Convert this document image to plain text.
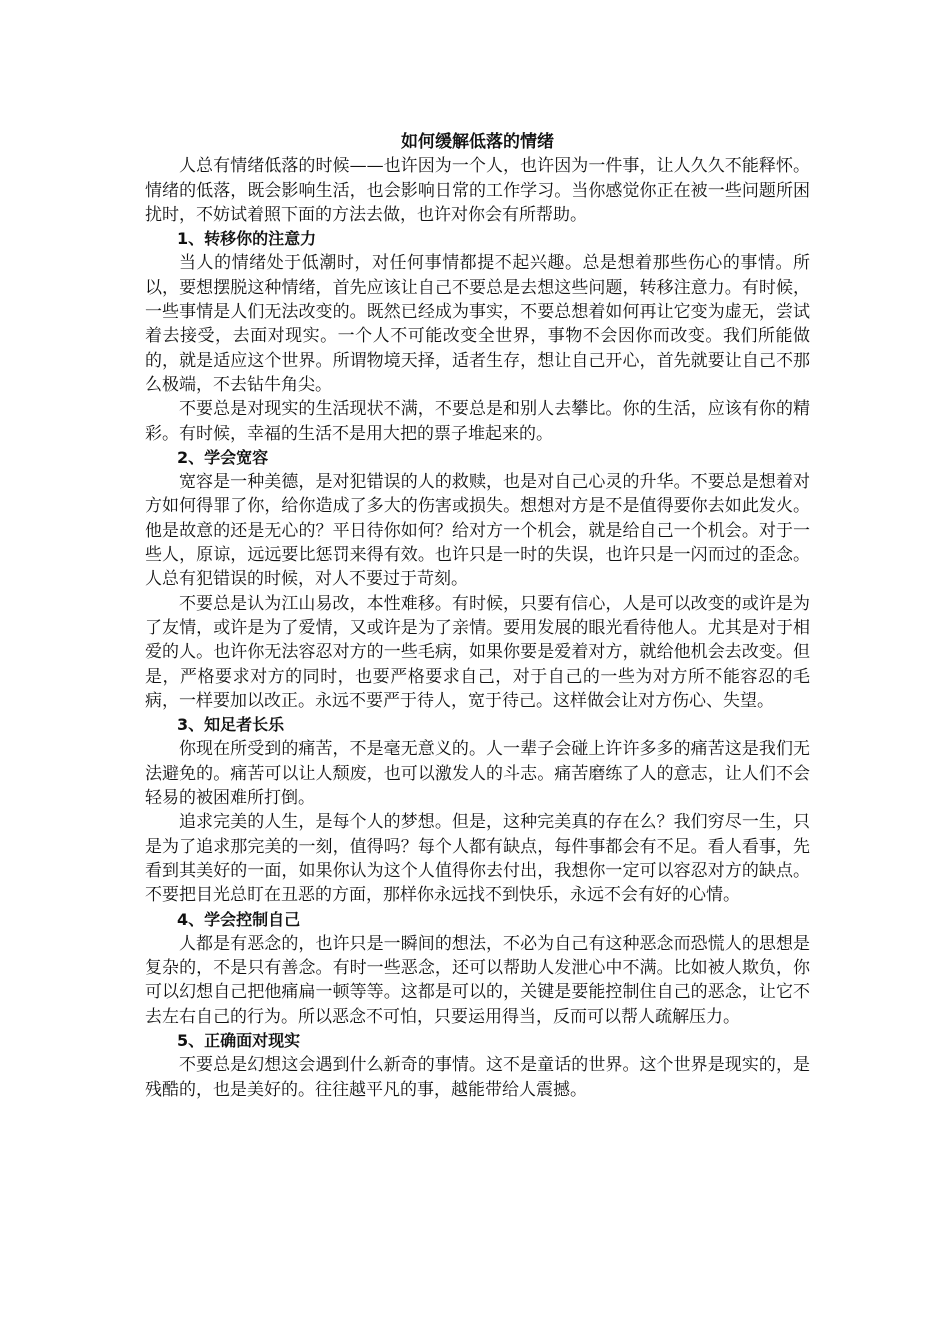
如何缓解低落的情绪

人总有情绪低落的时候——也许因为一个人，也许因为一件事，让人久久不能释怀。情绪的低落，既会影响生活，也会影响日常的工作学习。当你感觉你正在被一些问题所困扰时，不妨试着照下面的方法去做，也许对你会有所帮助。

1、转移你的注意力

当人的情绪处于低潮时，对任何事情都提不起兴趣。总是想着那些伤心的事情。所以，要想摆脱这种情绪，首先应该让自己不要总是去想这些问题，转移注意力。有时候，一些事情是人们无法改变的。既然已经成为事实，不要总想着如何再让它变为虚无，尝试着去接受，去面对现实。一个人不可能改变全世界，事物不会因你而改变。我们所能做的，就是适应这个世界。所谓物境天择，适者生存，想让自己开心，首先就要让自己不那么极端，不去钻牛角尖。

不要总是对现实的生活现状不满，不要总是和别人去攀比。你的生活，应该有你的精彩。有时候，幸福的生活不是用大把的票子堆起来的。

2、学会宽容

宽容是一种美德，是对犯错误的人的救赎，也是对自己心灵的升华。不要总是想着对方如何得罪了你，给你造成了多大的伤害或损失。想想对方是不是值得要你去如此发火。他是故意的还是无心的？平日待你如何？给对方一个机会，就是给自己一个机会。对于一些人，原谅，远远要比惩罚来得有效。也许只是一时的失误，也许只是一闪而过的歪念。人总有犯错误的时候，对人不要过于苛刻。

不要总是认为江山易改，本性难移。有时候，只要有信心，人是可以改变的或许是为了友情，或许是为了爱情，又或许是为了亲情。要用发展的眼光看待他人。尤其是对于相爱的人。也许你无法容忍对方的一些毛病，如果你要是爱着对方，就给他机会去改变。但是，严格要求对方的同时，也要严格要求自己，对于自己的一些为对方所不能容忍的毛病，一样要加以改正。永远不要严于待人，宽于待己。这样做会让对方伤心、失望。

3、知足者长乐

你现在所受到的痛苦，不是毫无意义的。人一辈子会碰上许许多多的痛苦这是我们无法避免的。痛苦可以让人颓废，也可以激发人的斗志。痛苦磨练了人的意志，让人们不会轻易的被困难所打倒。

追求完美的人生，是每个人的梦想。但是，这种完美真的存在么？我们穷尽一生，只是为了追求那完美的一刻，值得吗？每个人都有缺点，每件事都会有不足。看人看事，先看到其美好的一面，如果你认为这个人值得你去付出，我想你一定可以容忍对方的缺点。不要把目光总盯在丑恶的方面，那样你永远找不到快乐，永远不会有好的心情。

4、学会控制自己

人都是有恶念的，也许只是一瞬间的想法，不必为自己有这种恶念而恐慌人的思想是复杂的，不是只有善念。有时一些恶念，还可以帮助人发泄心中不满。比如被人欺负，你可以幻想自己把他痛扁一顿等等。这都是可以的，关键是要能控制住自己的恶念，让它不去左右自己的行为。所以恶念不可怕，只要运用得当，反而可以帮人疏解压力。

5、正确面对现实

不要总是幻想这会遇到什么新奇的事情。这不是童话的世界。这个世界是现实的，是残酷的，也是美好的。往往越平凡的事，越能带给人震撼。
